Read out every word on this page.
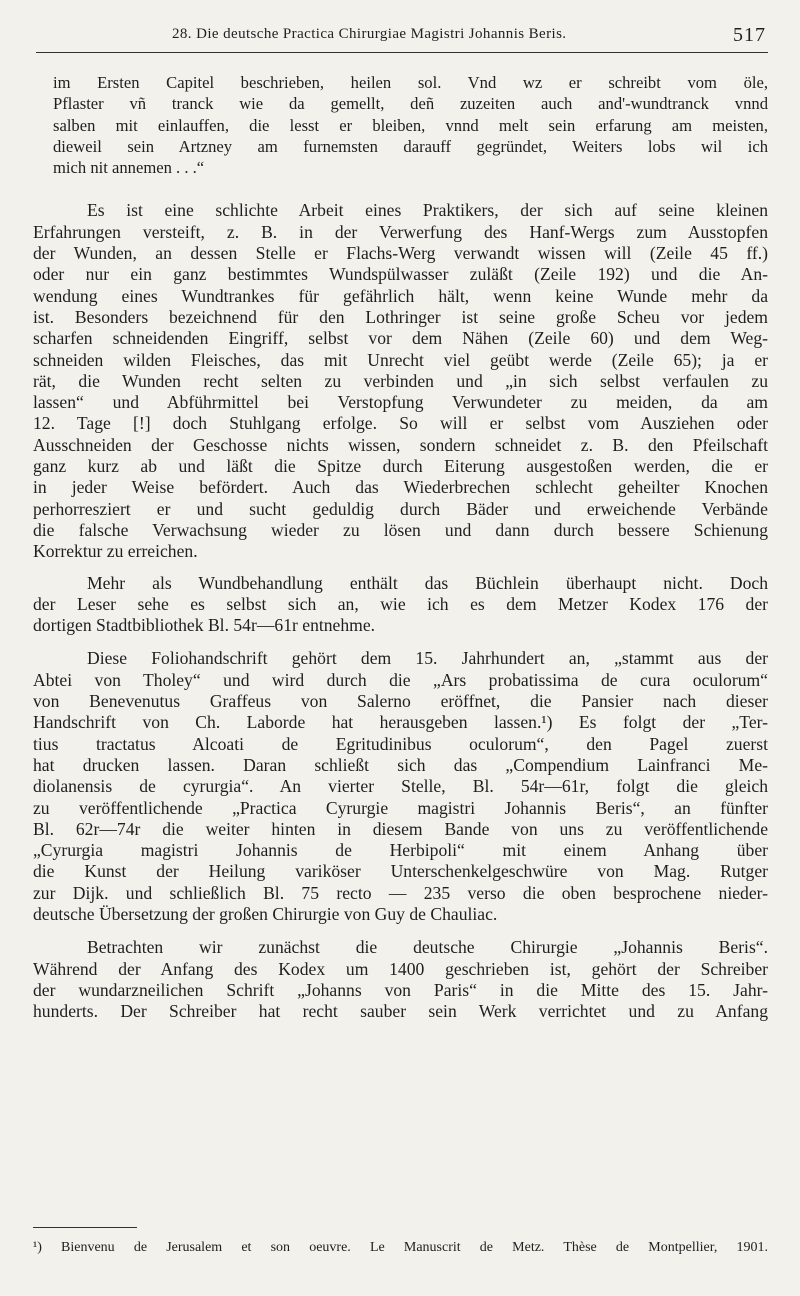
28. Die deutsche Practica Chirurgiae Magistri Johannis Beris.	517
im Ersten Capitel beschrieben, heilen sol. Vnd wz er schreibt vom öle,
Pflaster vñ tranck wie da gemellt, deñ zuzeiten auch and'-wundtranck vnnd
salben mit einlauffen, die lesst er bleiben, vnnd melt sein erfarung am meisten,
dieweil sein Artzney am furnemsten darauff gegründet, Weiters lobs wil ich
mich nit annemen . . .“
Es ist eine schlichte Arbeit eines Praktikers, der sich auf seine kleinen
Erfahrungen versteift, z. B. in der Verwerfung des Hanf-Wergs zum Ausstopfen
der Wunden, an dessen Stelle er Flachs-Werg verwandt wissen will (Zeile 45 ff.)
oder nur ein ganz bestimmtes Wundspülwasser zuläßt (Zeile 192) und die An-
wendung eines Wundtrankes für gefährlich hält, wenn keine Wunde mehr da
ist. Besonders bezeichnend für den Lothringer ist seine große Scheu vor jedem
scharfen schneidenden Eingriff, selbst vor dem Nähen (Zeile 60) und dem Weg-
schneiden wilden Fleisches, das mit Unrecht viel geübt werde (Zeile 65); ja er
rät, die Wunden recht selten zu verbinden und „in sich selbst verfaulen zu
lassen“ und Abführmittel bei Verstopfung Verwundeter zu meiden, da am
12. Tage [!] doch Stuhlgang erfolge. So will er selbst vom Ausziehen oder
Ausschneiden der Geschosse nichts wissen, sondern schneidet z. B. den Pfeilschaft
ganz kurz ab und läßt die Spitze durch Eiterung ausgestoßen werden, die er
in jeder Weise befördert. Auch das Wiederbrechen schlecht geheilter Knochen
perhorresziert er und sucht geduldig durch Bäder und erweichende Verbände
die falsche Verwachsung wieder zu lösen und dann durch bessere Schienung
Korrektur zu erreichen.
Mehr als Wundbehandlung enthält das Büchlein überhaupt nicht. Doch
der Leser sehe es selbst sich an, wie ich es dem Metzer Kodex 176 der
dortigen Stadtbibliothek Bl. 54r—61r entnehme.
Diese Foliohandschrift gehört dem 15. Jahrhundert an, „stammt aus der
Abtei von Tholey“ und wird durch die „Ars probatissima de cura oculorum“
von Benevenutus Graffeus von Salerno eröffnet, die Pansier nach dieser
Handschrift von Ch. Laborde hat herausgeben lassen.¹) Es folgt der „Ter-
tius tractatus Alcoati de Egritudinibus oculorum“, den Pagel zuerst
hat drucken lassen. Daran schließt sich das „Compendium Lainfranci Me-
diolanensis de cyrurgia“. An vierter Stelle, Bl. 54r—61r, folgt die gleich
zu veröffentlichende „Practica Cyrurgie magistri Johannis Beris“, an fünfter
Bl. 62r—74r die weiter hinten in diesem Bande von uns zu veröffentlichende
„Cyrurgia magistri Johannis de Herbipoli“ mit einem Anhang über
die Kunst der Heilung variköser Unterschenkelgeschwüre von Mag. Rutger
zur Dijk. und schließlich Bl. 75 recto — 235 verso die oben besprochene nieder-
deutsche Übersetzung der großen Chirurgie von Guy de Chauliac.
Betrachten wir zunächst die deutsche Chirurgie „Johannis Beris“.
Während der Anfang des Kodex um 1400 geschrieben ist, gehört der Schreiber
der wundarzneilichen Schrift „Johanns von Paris“ in die Mitte des 15. Jahr-
hunderts. Der Schreiber hat recht sauber sein Werk verrichtet und zu Anfang
¹) Bienvenu de Jerusalem et son oeuvre. Le Manuscrit de Metz. Thèse de Montpellier, 1901.
